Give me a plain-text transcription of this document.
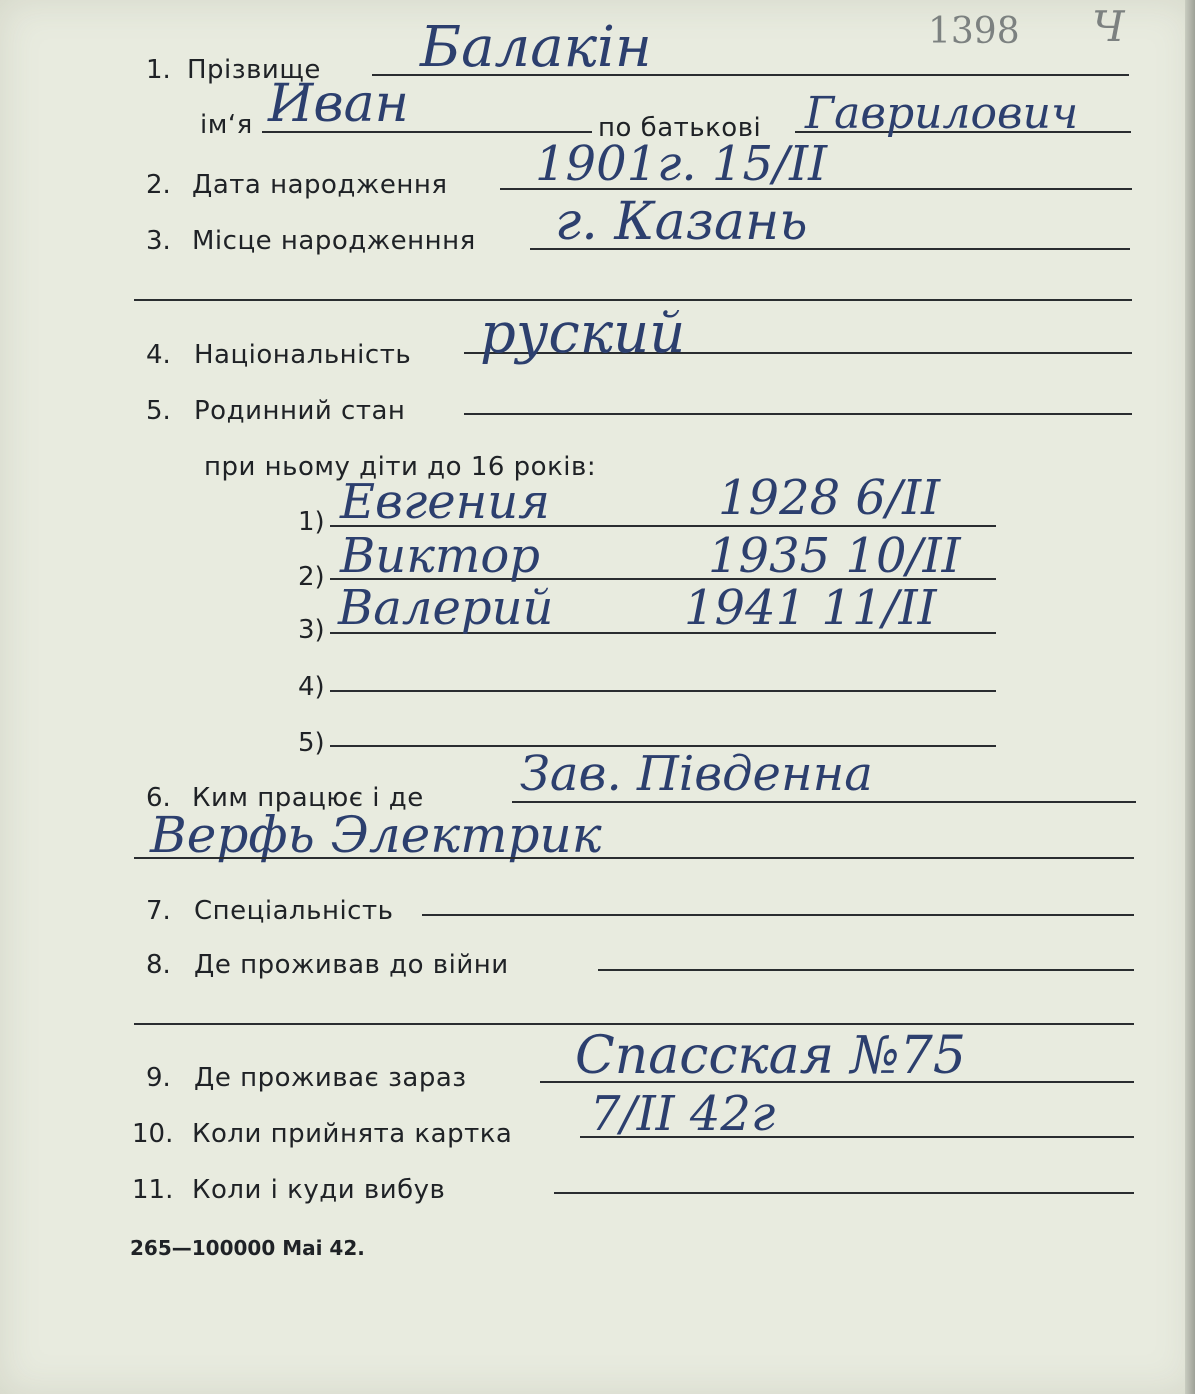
1. Прізвище Балакін	1398 Ч
ім‘я Иван	по батькові Гаврилович
2. Дата народження 1901г. 15/ІІ
3. Місце народженння г. Казань
4. Національність руский
5. Родинний стан
при ньому діти до 16 років:
1) Евгения	1928 6/ІІ
2) Виктор	1935 10/ІІ
3) Валерий	1941 11/ІІ
4)
5)
6. Ким працює і де Зав. Південна
Верфь Электрик
7. Спеціальність
8. Де проживав до війни
9. Де проживає зараз Спасская №75
10. Коли прийнята картка 7/ІІ 42г
11. Коли і куди вибув
265—100000 Mai 42.
